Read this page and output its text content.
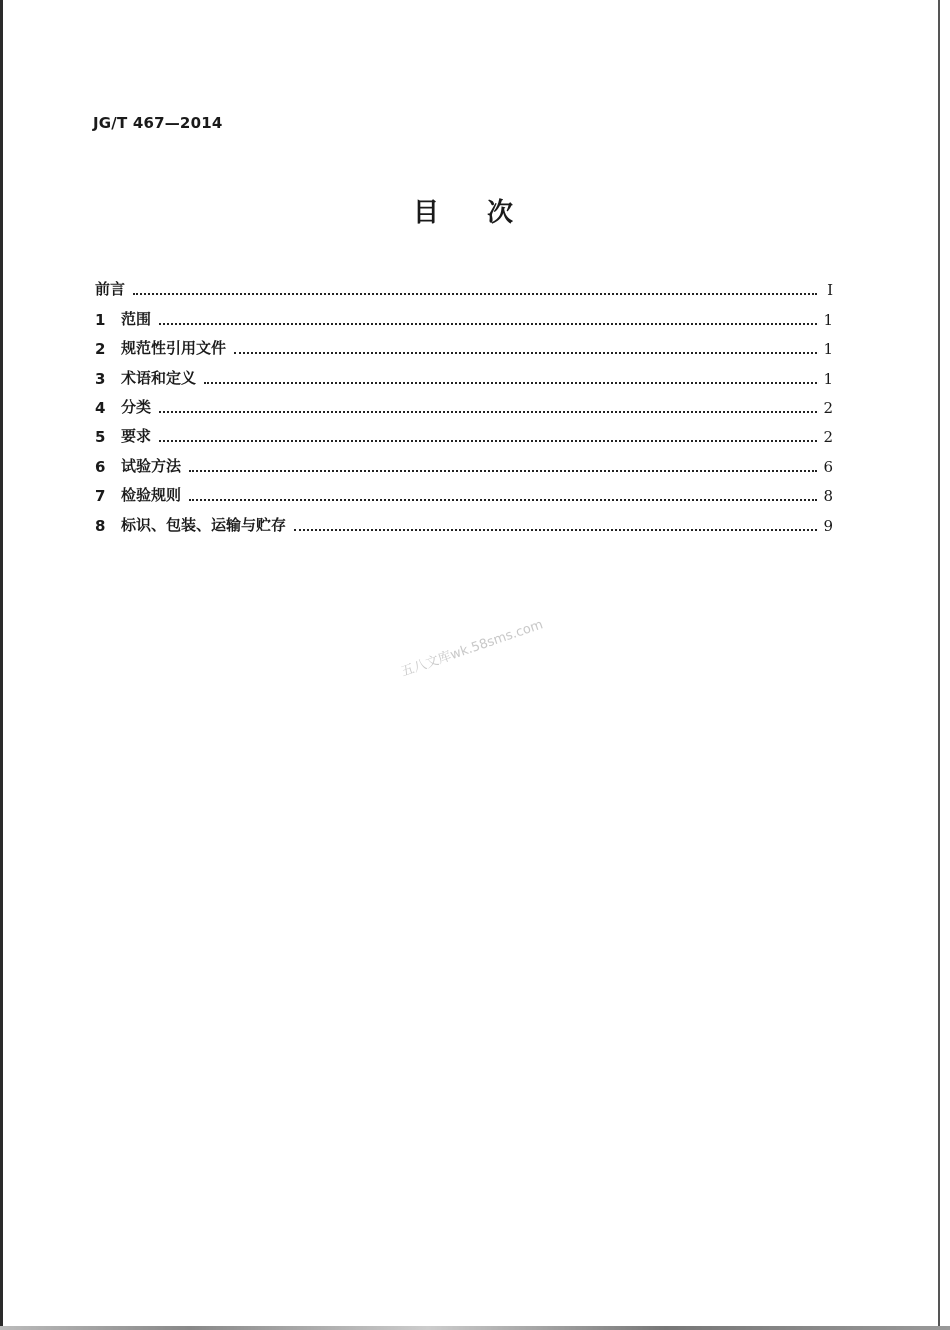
JG/T 467—2014
目次
前言	I
1	范围	1
2	规范性引用文件	1
3	术语和定义	1
4	分类	2
5	要求	2
6	试验方法	6
7	检验规则	8
8	标识、包装、运输与贮存	9
五八文库wk.58sms.com
